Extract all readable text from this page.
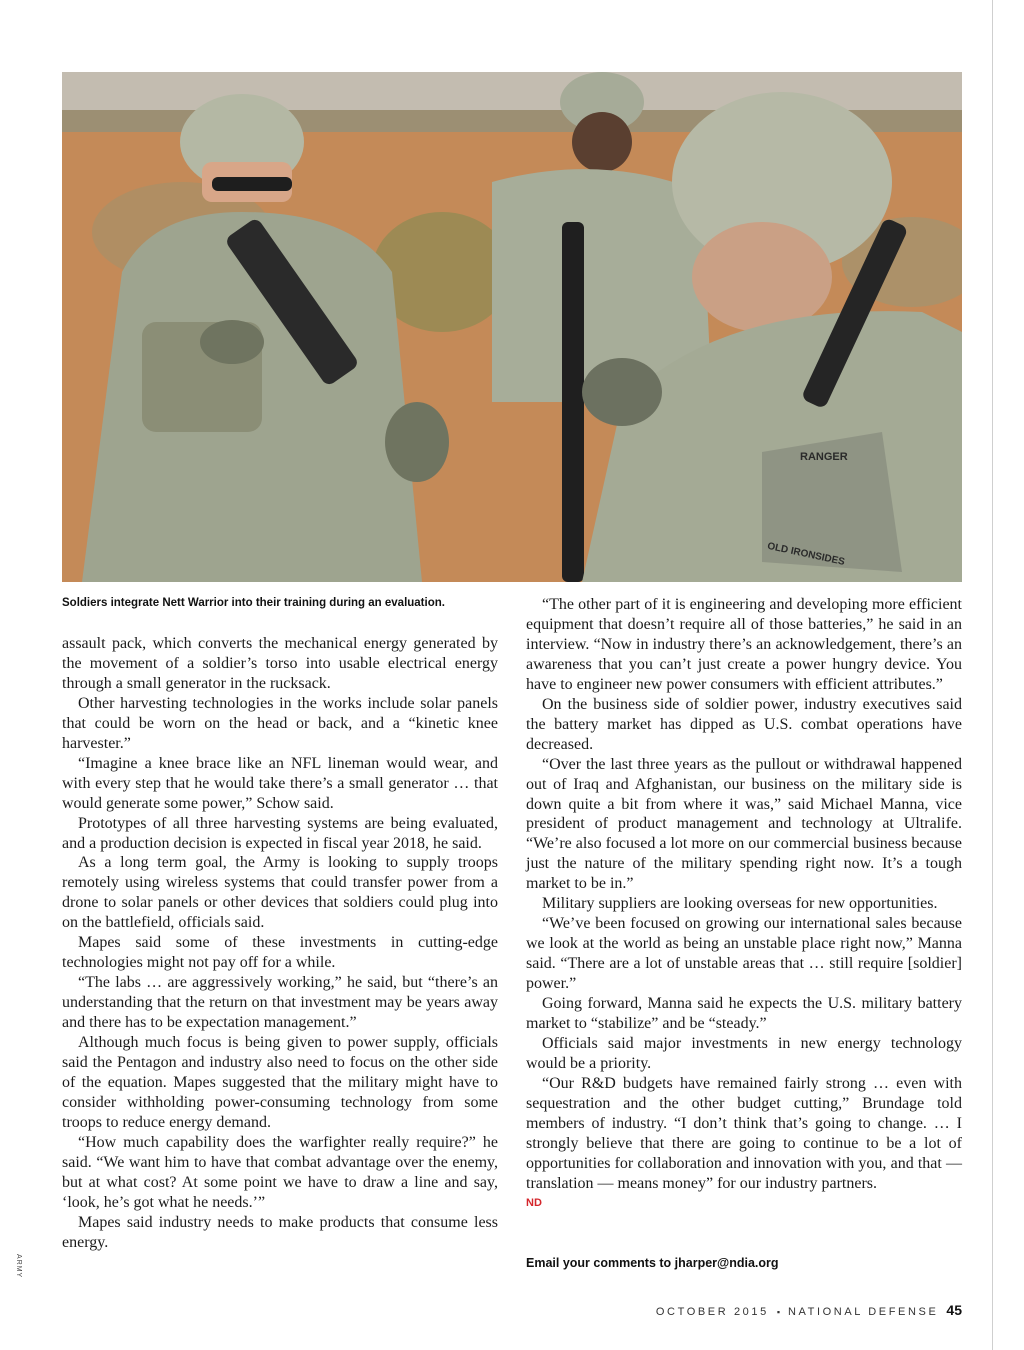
RANGER
OLD IRONSIDES
Soldiers integrate Nett Warrior into their training during an evaluation.

assault pack, which converts the mechanical energy generated by the movement of a soldier’s torso into usable electrical energy through a small generator in the rucksack.

Other harvesting technologies in the works include solar panels that could be worn on the head or back, and a “kinetic knee harvester.”

“Imagine a knee brace like an NFL lineman would wear, and with every step that he would take there’s a small generator … that would generate some power,” Schow said.

Prototypes of all three harvesting systems are being evaluated, and a production decision is expected in fiscal year 2018, he said.

As a long term goal, the Army is looking to supply troops remotely using wireless systems that could transfer power from a drone to solar panels or other devices that soldiers could plug into on the battlefield, officials said.

Mapes said some of these investments in cutting-edge technologies might not pay off for a while.

“The labs … are aggressively working,” he said, but “there’s an understanding that the return on that investment may be years away and there has to be expectation management.”

Although much focus is being given to power supply, officials said the Pentagon and industry also need to focus on the other side of the equation. Mapes suggested that the military might have to consider withholding power-consuming technology from some troops to reduce energy demand.

“How much capability does the warfighter really require?” he said. “We want him to have that combat advantage over the enemy, but at what cost? At some point we have to draw a line and say, ‘look, he’s got what he needs.’”

Mapes said industry needs to make products that consume less energy.

“The other part of it is engineering and developing more efficient equipment that doesn’t require all of those batteries,” he said in an interview. “Now in industry there’s an acknowledgement, there’s an awareness that you can’t just create a power hungry device. You have to engineer new power consumers with efficient attributes.”

On the business side of soldier power, industry executives said the battery market has dipped as U.S. combat operations have decreased.

“Over the last three years as the pullout or withdrawal happened out of Iraq and Afghanistan, our business on the military side is down quite a bit from where it was,” said Michael Manna, vice president of product management and technology at Ultralife. “We’re also focused a lot more on our commercial business because just the nature of the military spending right now. It’s a tough market to be in.”

Military suppliers are looking overseas for new opportunities.

“We’ve been focused on growing our international sales because we look at the world as being an unstable place right now,” Manna said. “There are a lot of unstable areas that … still require [soldier] power.”

Going forward, Manna said he expects the U.S. military battery market to “stabilize” and be “steady.”

Officials said major investments in new energy technology would be a priority.

“Our R&D budgets have remained fairly strong … even with sequestration and the other budget cutting,” Brundage told members of industry. “I don’t think that’s going to change. … I strongly believe that there are going to continue to be a lot of opportunities for collaboration and innovation with you, and that — translation — means money” for our industry partners.

ND
Email your comments to jharper@ndia.org
ARMY
OCTOBER 2015 ▪ NATIONAL DEFENSE 45
